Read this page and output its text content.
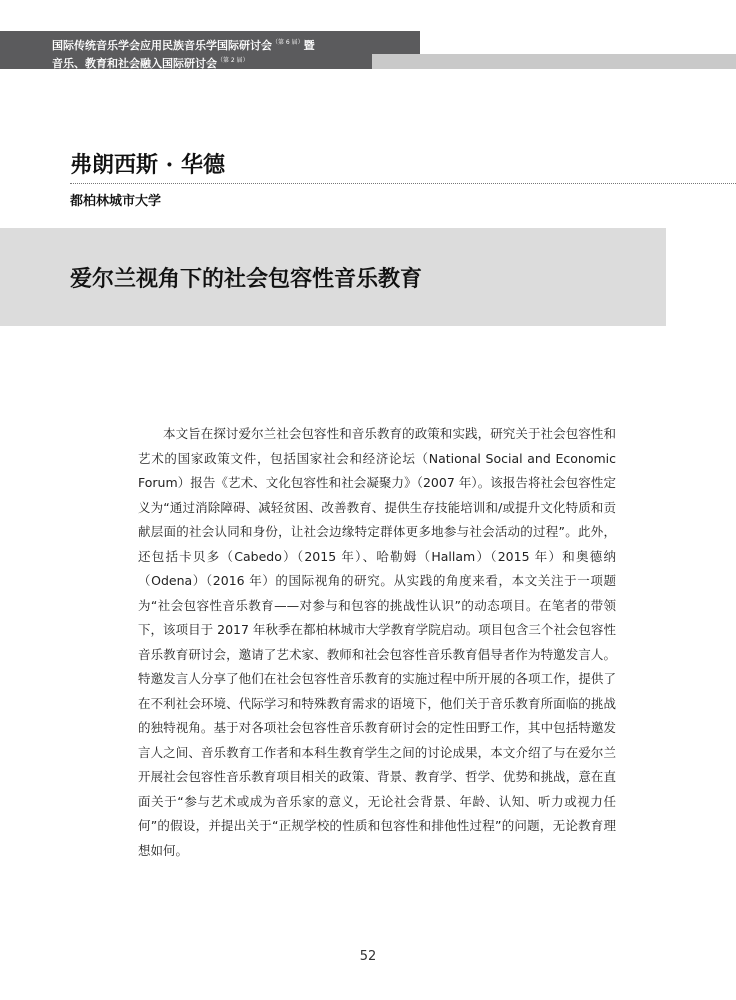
国际传统音乐学会应用民族音乐学国际研讨会$^{(第 6 届)}$暨
音乐、教育和社会融入国际研讨会$^{(第 2 届)}$
弗朗西斯 · 华德
都柏林城市大学
爱尔兰视角下的社会包容性音乐教育

本文旨在探讨爱尔兰社会包容性和音乐教育的政策和实践，研究关于社会包容性和艺术的国家政策文件，包括国家社会和经济论坛（National Social and Economic Forum）报告《艺术、文化包容性和社会凝聚力》（2007 年）。该报告将社会包容性定义为“通过消除障碍、减轻贫困、改善教育、提供生存技能培训和/或提升文化特质和贡献层面的社会认同和身份，让社会边缘特定群体更多地参与社会活动的过程”。此外，还包括卡贝多（Cabedo）（2015 年）、哈勒姆（Hallam）（2015 年）和奥德纳（Odena）（2016 年）的国际视角的研究。从实践的角度来看，本文关注于一项题为“社会包容性音乐教育——对参与和包容的挑战性认识”的动态项目。在笔者的带领下，该项目于 2017 年秋季在都柏林城市大学教育学院启动。项目包含三个社会包容性音乐教育研讨会，邀请了艺术家、教师和社会包容性音乐教育倡导者作为特邀发言人。特邀发言人分享了他们在社会包容性音乐教育的实施过程中所开展的各项工作，提供了在不利社会环境、代际学习和特殊教育需求的语境下，他们关于音乐教育所面临的挑战的独特视角。基于对各项社会包容性音乐教育研讨会的定性田野工作，其中包括特邀发言人之间、音乐教育工作者和本科生教育学生之间的讨论成果，本文介绍了与在爱尔兰开展社会包容性音乐教育项目相关的政策、背景、教育学、哲学、优势和挑战，意在直面关于“参与艺术或成为音乐家的意义，无论社会背景、年龄、认知、听力或视力任何”的假设，并提出关于“正规学校的性质和包容性和排他性过程”的问题，无论教育理想如何。

52
